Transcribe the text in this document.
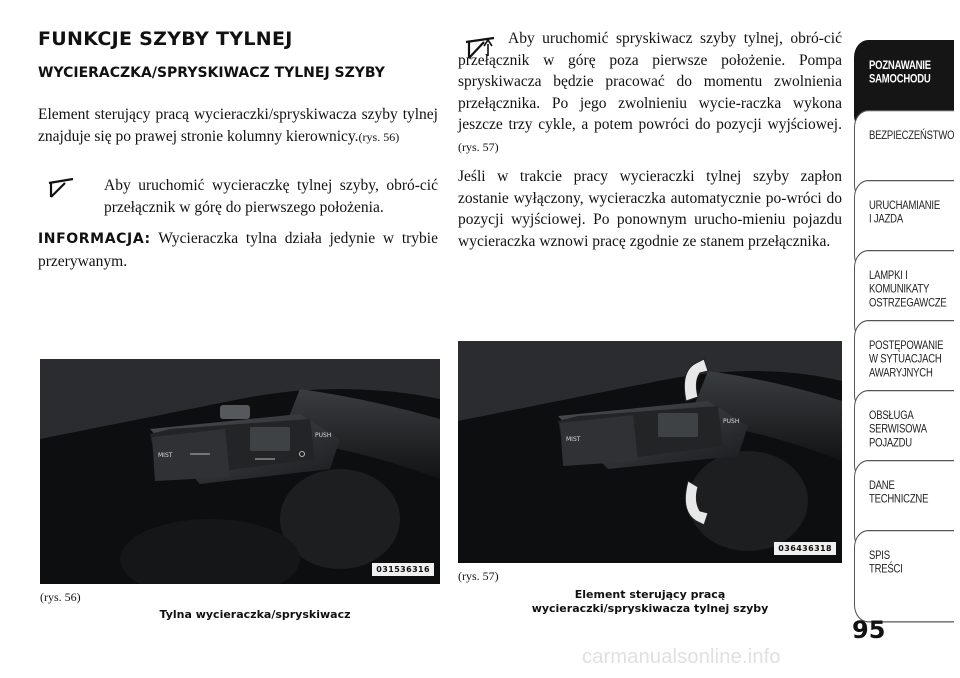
FUNKCJE SZYBY TYLNEJ
WYCIERACZKA/SPRYSKIWACZ TYLNEJ SZYBY

Element sterujący pracą wycieraczki/spryskiwacza szyby tylnej znajduje się po prawej stronie kolumny kierownicy.(rys. 56)

Aby uruchomić wycieraczkę tylnej szyby, obró-cić przełącznik w górę do pierwszego położenia.

INFORMACJA: Wycieraczka tylna działa jedynie w trybie przerywanym.

Aby uruchomić spryskiwacz szyby tylnej, obró-cić przełącznik w górę poza pierwsze położenie. Pompa spryskiwacza będzie pracować do momentu zwolnienia przełącznika. Po jego zwolnieniu wycie-raczka wykona jeszcze trzy cykle, a potem powróci do pozycji wyjściowej. (rys. 57)

Jeśli w trakcie pracy wycieraczki tylnej szyby zapłon zostanie wyłączony, wycieraczka automatycznie po-wróci do pozycji wyjściowej. Po ponownym urucho-mieniu pojazdu wycieraczka wznowi pracę zgodnie ze stanem przełącznika.

MIST
PUSH
031536316
(rys. 56)
Tylna wycieraczka/spryskiwacz
MIST
PUSH
036436318
(rys. 57)
Element sterujący pracą
wycieraczki/spryskiwacza tylnej szyby
POZNAWANIE
SAMOCHODU
BEZPIECZEŃSTWO
URUCHAMIANIE
I JAZDA
LAMPKI I
KOMUNIKATY
OSTRZEGAWCZE
POSTĘPOWANIE
W SYTUACJACH
AWARYJNYCH
OBSŁUGA
SERWISOWA
POJAZDU
DANE
TECHNICZNE
SPIS
TREŚCI
95
carmanualsonline.info
